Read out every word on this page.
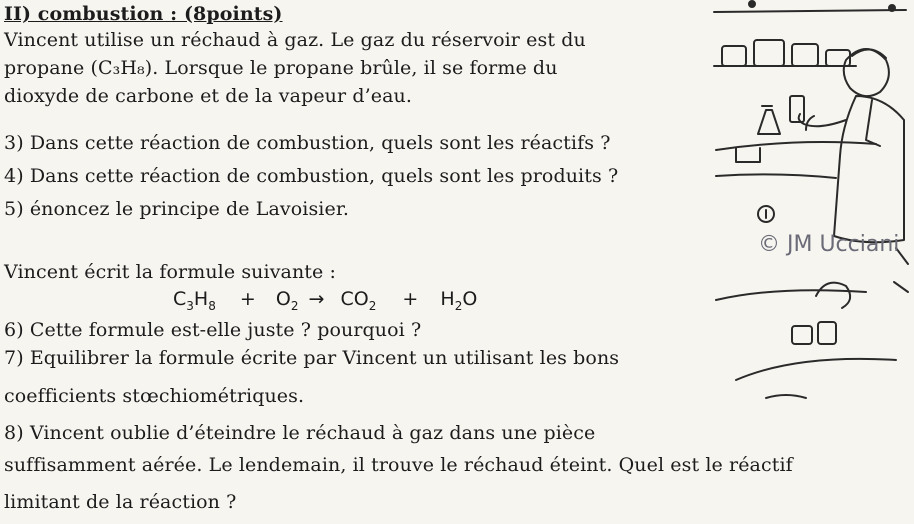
II) combustion : (8points)
Vincent utilise un réchaud à gaz. Le gaz du réservoir est du
propane (C₃H₈). Lorsque le propane brûle, il se forme du
dioxyde de carbone et de la vapeur d’eau.
3) Dans cette réaction de combustion, quels sont les réactifs ?
4) Dans cette réaction de combustion, quels sont les produits ?
5) énoncez le principe de Lavoisier.
Vincent écrit la formule suivante :
$C_3H_8 + O_2 \to CO_2 + H_2O$
6) Cette formule est-elle juste ? pourquoi ?
7) Equilibrer la formule écrite par Vincent un utilisant les bons
coefficients stœchiométriques.
8) Vincent oublie d’éteindre le réchaud à gaz dans une pièce
suffisamment aérée. Le lendemain, il trouve le réchaud éteint. Quel est le réactif
limitant de la réaction ?
© JM Ucciani
